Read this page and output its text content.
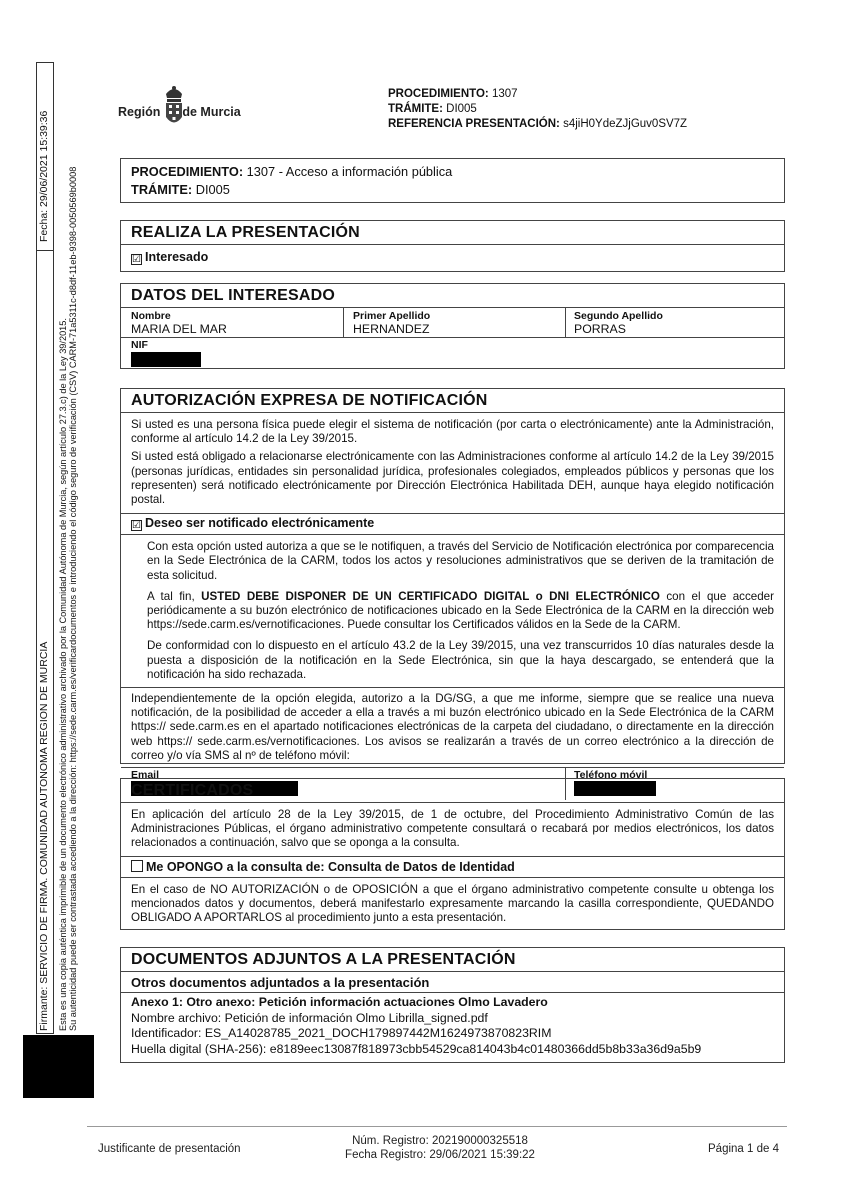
Firmante: SERVICIO DE FIRMA. COMUNIDAD AUTONOMA REGION DE MURCIA
Fecha: 29/06/2021 15:39:36
Esta es una copia auténtica imprimible de un documento electrónico administrativo archivado por la Comunidad Autónoma de Murcia, según artículo 27.3.c) de la Ley 39/2015. Su autenticidad puede ser contrastada accediendo a la dirección: https://sede.carm.es/verificardocumentos e introduciendo el código seguro de verificación (CSV) CARM-71a5311c-d8df-11eb-9398-0050569b0008
Región de Murcia
PROCEDIMIENTO: 1307
TRÁMITE: DI005
REFERENCIA PRESENTACIÓN: s4jiH0YdeZJjGuv0SV7Z
PROCEDIMIENTO: 1307 - Acceso a información pública
TRÁMITE: DI005
REALIZA LA PRESENTACIÓN
☑ Interesado
DATOS DEL INTERESADO
Nombre
MARIA DEL MAR
Primer Apellido
HERNANDEZ
Segundo Apellido
PORRAS
NIF
AUTORIZACIÓN EXPRESA DE NOTIFICACIÓN
Si usted es una persona física puede elegir el sistema de notificación (por carta o electrónicamente) ante la Administración, conforme al artículo 14.2 de la Ley 39/2015.
Si usted está obligado a relacionarse electrónicamente con las Administraciones conforme al artículo 14.2 de la Ley 39/2015 (personas jurídicas, entidades sin personalidad jurídica, profesionales colegiados, empleados públicos y personas que los representen) será notificado electrónicamente por Dirección Electrónica Habilitada DEH, aunque haya elegido notificación postal.
☑ Deseo ser notificado electrónicamente
Con esta opción usted autoriza a que se le notifiquen, a través del Servicio de Notificación electrónica por comparecencia en la Sede Electrónica de la CARM, todos los actos y resoluciones administrativos que se deriven de la tramitación de esta solicitud.
A tal fin, USTED DEBE DISPONER DE UN CERTIFICADO DIGITAL o DNI ELECTRÓNICO con el que acceder periódicamente a su buzón electrónico de notificaciones ubicado en la Sede Electrónica de la CARM en la dirección web https://sede.carm.es/vernotificaciones. Puede consultar los Certificados válidos en la Sede de la CARM.
De conformidad con lo dispuesto en el artículo 43.2 de la Ley 39/2015, una vez transcurridos 10 días naturales desde la puesta a disposición de la notificación en la Sede Electrónica, sin que la haya descargado, se entenderá que la notificación ha sido rechazada.
Independientemente de la opción elegida, autorizo a la DG/SG, a que me informe, siempre que se realice una nueva notificación, de la posibilidad de acceder a ella a través a mi buzón electrónico ubicado en la Sede Electrónica de la CARM https:// sede.carm.es en el apartado notificaciones electrónicas de la carpeta del ciudadano, o directamente en la dirección web https:// sede.carm.es/vernotificaciones. Los avisos se realizarán a través de un correo electrónico a la dirección de correo y/o vía SMS al nº de teléfono móvil:
Email	Teléfono móvil
CERTIFICADOS
En aplicación del artículo 28 de la Ley 39/2015, de 1 de octubre, del Procedimiento Administrativo Común de las Administraciones Públicas, el órgano administrativo competente consultará o recabará por medios electrónicos, los datos relacionados a continuación, salvo que se oponga a la consulta.
Me OPONGO a la consulta de: Consulta de Datos de Identidad
En el caso de NO AUTORIZACIÓN o de OPOSICIÓN a que el órgano administrativo competente consulte u obtenga los mencionados datos y documentos, deberá manifestarlo expresamente marcando la casilla correspondiente, QUEDANDO OBLIGADO A APORTARLOS al procedimiento junto a esta presentación.
DOCUMENTOS ADJUNTOS A LA PRESENTACIÓN
Otros documentos adjuntados a la presentación
Anexo 1: Otro anexo: Petición información actuaciones Olmo Lavadero
Nombre archivo: Petición de información Olmo Librilla_signed.pdf
Identificador: ES_A14028785_2021_DOCH179897442M1624973870823RIM
Huella digital (SHA-256): e8189eec13087f818973cbb54529ca814043b4c01480366dd5b8b33a36d9a5b9
Justificante de presentación
Núm. Registro: 202190000325518
Fecha Registro: 29/06/2021 15:39:22	Página 1 de 4
